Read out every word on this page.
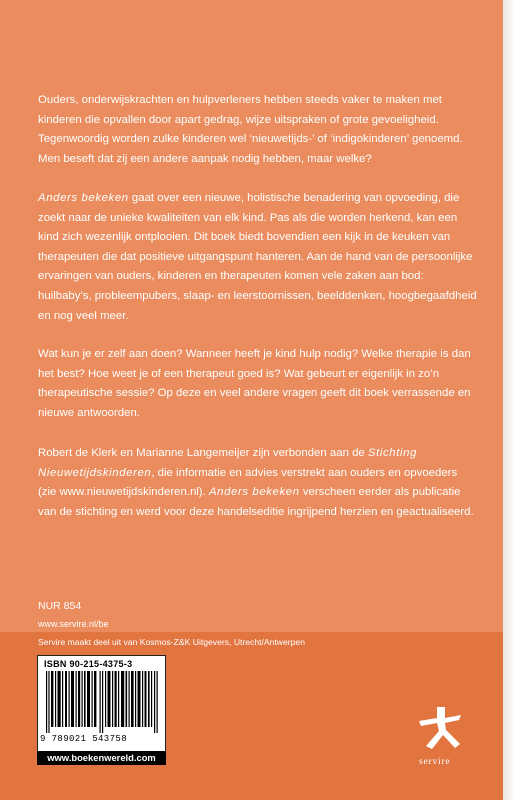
Ouders, onderwijskrachten en hulpverleners hebben steeds vaker te maken met kinderen die opvallen door apart gedrag, wijze uitspraken of grote gevoeligheid. Tegenwoordig worden zulke kinderen wel ‘nieuwetijds-’ of ‘indigokinderen’ genoemd. Men beseft dat zij een andere aanpak nodig hebben, maar welke?

Anders bekeken gaat over een nieuwe, holistische benadering van opvoeding, die zoekt naar de unieke kwaliteiten van elk kind. Pas als die worden herkend, kan een kind zich wezenlijk ontplooien. Dit boek biedt bovendien een kijk in de keuken van therapeuten die dat positieve uitgangspunt hanteren. Aan de hand van de persoonlijke ervaringen van ouders, kinderen en therapeuten komen vele zaken aan bod: huilbaby’s, probleempubers, slaap- en leerstoornissen, beelddenken, hoogbegaafdheid en nog veel meer.

Wat kun je er zelf aan doen? Wanneer heeft je kind hulp nodig? Welke therapie is dan het best? Hoe weet je of een therapeut goed is? Wat gebeurt er eigenlijk in zo’n therapeutische sessie? Op deze en veel andere vragen geeft dit boek verrassende en nieuwe antwoorden.

Robert de Klerk en Marianne Langemeijer zijn verbonden aan de Stichting Nieuwetijdskinderen, die informatie en advies verstrekt aan ouders en opvoeders (zie www.nieuwetijdskinderen.nl). Anders bekeken verscheen eerder als publicatie van de stichting en werd voor deze handelseditie ingrijpend herzien en geactualiseerd.

NUR 854
www.servire.nl/be
Servire maakt deel uit van Kosmos-Z&K Uitgevers, Utrecht/Antwerpen
ISBN 90-215-4375-3
9 789021 543758
www.boekenwereld.com	servire
